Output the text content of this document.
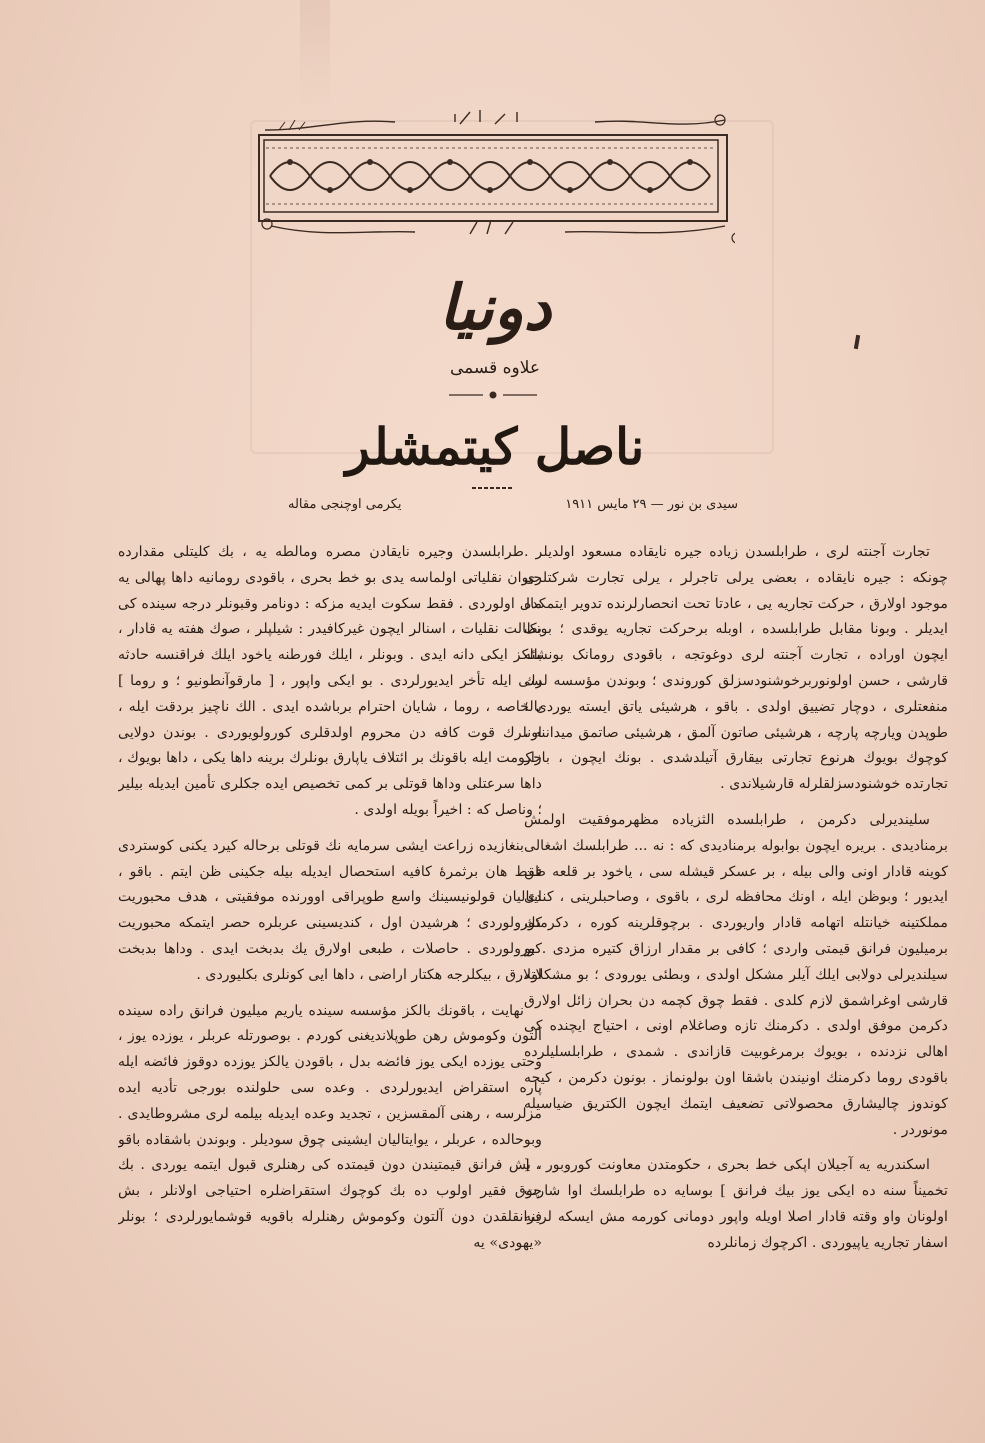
دونیا
علاوه قسمی
ناصل کیتمشلر
سیدی بن نور — ۲۹ مایس ۱۹۱۱
یکرمی اوچنجی مقاله

تجارت آجنته لری ، طرابلسدن زیاده جیره نایقاده مسعود اولدیلر . چونکه : جیره نایقاده ، بعضی یرلی تاجرلر ، یرلی تجارت شرکتلری موجود اولارق ، حرکت تجاریه یی ، عادتا تحت انحصارلرنده تدویر ایتمکده ایدیلر . وبونا مقابل طرابلسده ، اوبله برحرکت تجاریه یوقدی ؛ بونک ایچون اوراده ، تجارت آجنته لری دوغوتجه ، باقودی رومانک بونشئه قارشی ، حسن اولونوربرخوشنودسزلق کوروندی ؛ وبوندن مؤسسه لرك منفعتلری ، دوچار تضییق اولدی . باقو ، هرشیئی یاتق ایسته یوردی ؛ طوپدن ویارچه پارچه ، هرشیئی صاتون آلمق ، هرشیئی صاتمق میداننه ، کوچوك بویوك هرنوع تجارتی بیقارق آتیلدشدی . بونك ایچون ، بازار تجارتده خوشنودسزلقلرله قارشیلاندی .

سلیندیرلی دکرمن ، طرابلسده الثزیاده مظهرموفقیت اولمش برمنادیدی . بریره ایچون بوابوله برمنادیدی که : نه ... طرابلسك اشغالی کوینه قادار اونی والی بیله ، بر عسکر قیشله سی ، یاخود بر قلعه ظن ایدیور ؛ وبوظن ایله ، اونك محافظه لری ، باقوی ، وصاحبلرینی ، کندی مملکتینه خیانتله اتهامه قادار واریوردی . برچوقلرینه کوره ، دکرمنك برمیلیون فرانق قیمتی واردی ؛ کافی بر مقدار ارزاق کتیره مزدی . بو سیلندیرلی دولابی ایلك آیلر مشکل اولدی ، وبطئی یورودی ؛ بو مشکلاته قارشی اوغراشمق لازم کلدی . فقط چوق کچمه دن بحران زائل اولارق دکرمن موفق اولدی . دکرمنك تازه وصاغلام اونی ، احتیاج ایچنده کی اهالی نزدنده ، بویوك برمرغوبیت قازاندی . شمدی ، طرابلسلیلرده باقودی روما دکرمنك اونیندن باشقا اون بولونماز . بونون دکرمن ، کیجه کوندوز چالیشارق محصولاتی تضعیف ایتمك ایچون الکتریق ضیاسیله مونوردر .

اسکندریه یه آجیلان اپکی خط بحری ، حکومتدن معاونت کوروبور ، [ تخمیناً سنه ده ایکی یوز بیك فرانق ] بوسایه ده طرابلسك اوا شارت اولونان واو وقته قادار اصلا اویله واپور دومانی کورمه مش ایسکه لرینه اسفار تجاریه یاپیوردی . اکرچوك زمانلرده

طرابلسدن وجیره نایقادن مصره ومالطه یه ، بك کلیتلی مقدارده حیوان نقلیاتی اولماسه یدی بو خط بحری ، باقودی رومانیه داها پهالی یه مال اولوردی . فقط سکوت ایدیه مزکه : دونامر وقبونلر درجه سینده کی بطالت نقلیات ، اسنالر ایچون غیرکافیدر : شیلپلر ، صوك هفته یه قادار ، بالکز ایکی دانه ایدی . وبونلر ، ایلك فورطنه یاخود ایلك فراقنسه حادثه سی ایله تأخر ایدیورلردی . بو ایکی واپور ، [ مارقوآنطونیو ؛ و روما ] بالخاصه ، روما ، شایان احترام برباشده ایدی . الك ناچیز بردقت ایله ، اونلرك قوت کافه دن محروم اولدقلری کورولویوردی . بوندن دولایی حکومت ایله باقونك بر ائتلاف یاپارق بونلرك برینه داها یکی ، داها بویوك ، داها سرعتلی وداها قوتلی بر کمی تخصیص ایده جکلری تأمین ایدیله بیلیر ؛ وناصل که : اخیراً بویله اولدی .

بنغازیده زراعت ایشی سرمایه نك قوتلی برحاله کیرد یکنی کوستردی فقط هان برثمرۀ کافیه استحصال ایدیله بیله جکینی ظن ایتم . باقو ، ایتالیان قولونیسینك واسع طوپراقی اوورنده موفقیتی ، هدف محبوریت کورولوردی ؛ هرشیدن اول ، کندیسینی عربلره حصر ایتمکه محبوریت کورولوردی . حاصلات ، طبعی اولارق یك بدبخت ایدی . وداها بدبخت اولارق ، بیکلرجه هکتار اراضی ، داها ایی کونلری بکلیوردی .

نهایت ، باقونك بالکز مؤسسه سینده یاریم میلیون فرانق راده سینده آلتون وکوموش رهن طوپلاندیغنی کوردم . بوصورتله عربلر ، یوزده یوز ، وحتی یوزده ایکی یوز فائضه بدل ، باقودن یالکز یوزده دوقوز فائضه ایله پاره استقراض ایدیورلردی . وعده سی حلولنده بورجی تأدیه ایده مزلرسه ، رهنی آلمقسزین ، تجدید وعده ایدیله بیلمه لری مشروطایدی . وبوحالده ، عربلر ، یوایتالیان ایشینی چوق سودیلر . وبوندن باشقاده باقو ، بش فرانق قیمتیندن دون قیمتده کی رهنلری قبول ایتمه یوردی . بك چوق فقیر اولوب ده بك کوچوك استقراضلره احتیاجی اولانلر ، بش فرانقلقدن دون آلتون وکوموش رهنلرله باقویه قوشمایورلردی ؛ بونلر «یهودی» یه
